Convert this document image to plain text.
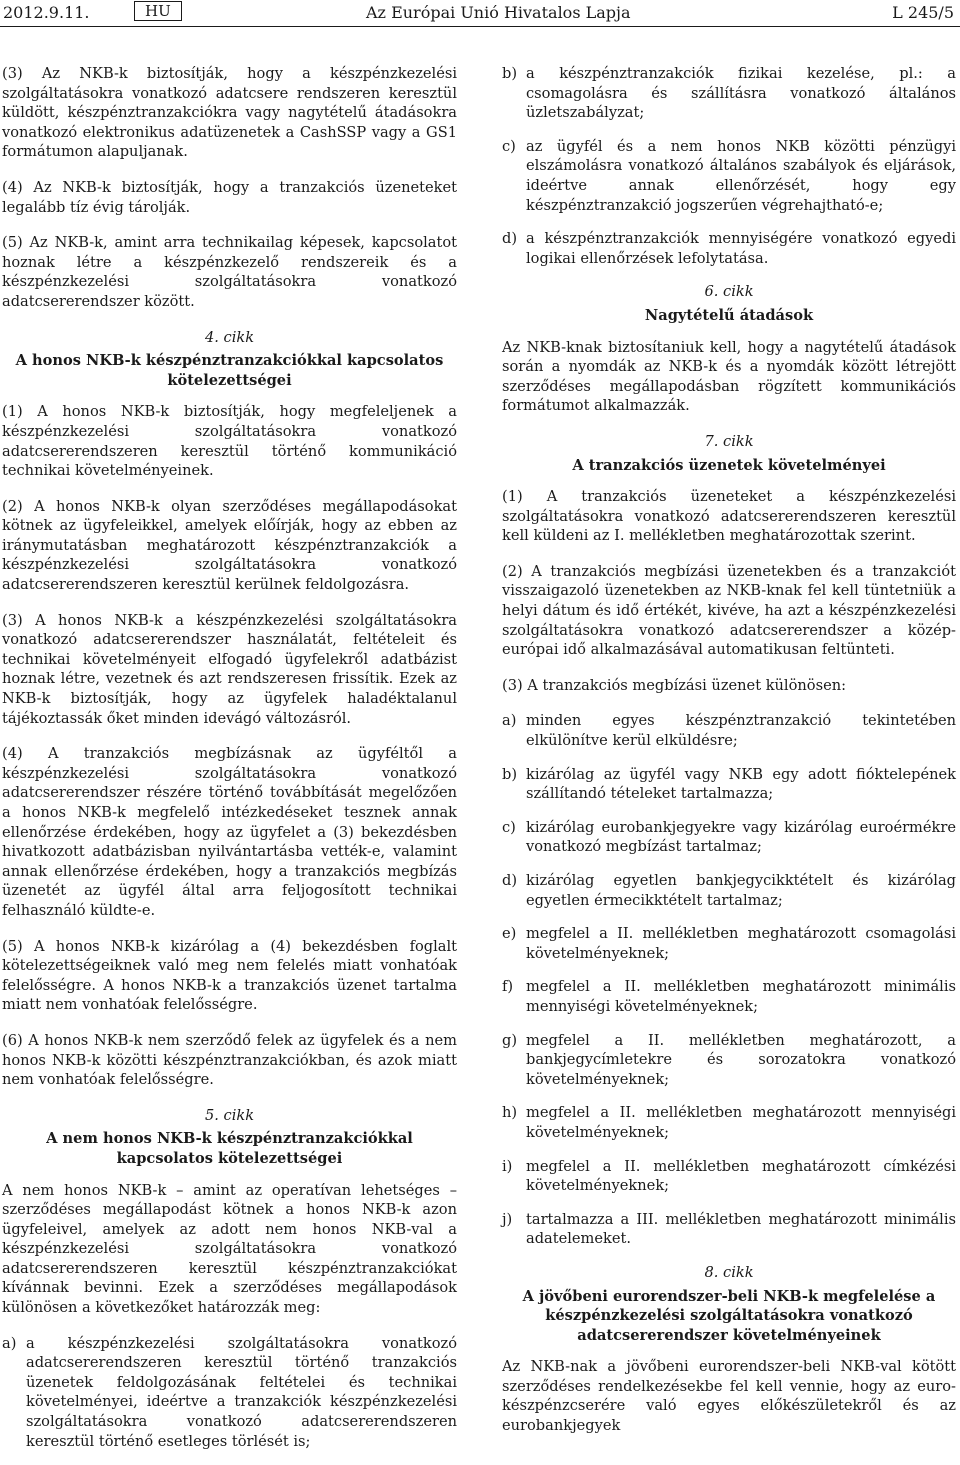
2012.9.11.	HU	Az Európai Unió Hivatalos Lapja	L 245/5

(3) Az NKB-k biztosítják, hogy a készpénzkezelési szolgáltatásokra vonatkozó adatcsere rendszeren keresztül küldött, készpénztranzakciókra vagy nagytételű átadásokra vonatkozó elektronikus adatüzenetek a CashSSP vagy a GS1 formátumon alapuljanak.

(4) Az NKB-k biztosítják, hogy a tranzakciós üzeneteket legalább tíz évig tárolják.

(5) Az NKB-k, amint arra technikailag képesek, kapcsolatot hoznak létre a készpénzkezelő rendszereik és a készpénzkezelési szolgáltatásokra vonatkozó adatcsererendszer között.

4. cikk
A honos NKB-k készpénztranzakciókkal kapcsolatos kötelezettségei

(1) A honos NKB-k biztosítják, hogy megfeleljenek a készpénzkezelési szolgáltatásokra vonatkozó adatcsererendszeren keresztül történő kommunikáció technikai követelményeinek.

(2) A honos NKB-k olyan szerződéses megállapodásokat kötnek az ügyfeleikkel, amelyek előírják, hogy az ebben az iránymutatásban meghatározott készpénztranzakciók a készpénzkezelési szolgáltatásokra vonatkozó adatcsererendszeren keresztül kerülnek feldolgozásra.

(3) A honos NKB-k a készpénzkezelési szolgáltatásokra vonatkozó adatcsererendszer használatát, feltételeit és technikai követelményeit elfogadó ügyfelekről adatbázist hoznak létre, vezetnek és azt rendszeresen frissítik. Ezek az NKB-k biztosítják, hogy az ügyfelek haladéktalanul tájékoztassák őket minden idevágó változásról.

(4) A tranzakciós megbízásnak az ügyféltől a készpénzkezelési szolgáltatásokra vonatkozó adatcsererendszer részére történő továbbítását megelőzően a honos NKB-k megfelelő intézkedéseket tesznek annak ellenőrzése érdekében, hogy az ügyfelet a (3) bekezdésben hivatkozott adatbázisban nyilvántartásba vették-e, valamint annak ellenőrzése érdekében, hogy a tranzakciós megbízás üzenetét az ügyfél által arra feljogosított technikai felhasználó küldte-e.

(5) A honos NKB-k kizárólag a (4) bekezdésben foglalt kötelezettségeiknek való meg nem felelés miatt vonhatóak felelősségre. A honos NKB-k a tranzakciós üzenet tartalma miatt nem vonhatóak felelősségre.

(6) A honos NKB-k nem szerződő felek az ügyfelek és a nem honos NKB-k közötti készpénztranzakciókban, és azok miatt nem vonhatóak felelősségre.

5. cikk
A nem honos NKB-k készpénztranzakciókkal kapcsolatos kötelezettségei

A nem honos NKB-k – amint az operatívan lehetséges – szerződéses megállapodást kötnek a honos NKB-k azon ügyfeleivel, amelyek az adott nem honos NKB-val a készpénzkezelési szolgáltatásokra vonatkozó adatcsererendszeren keresztül készpénztranzakciókat kívánnak bevinni. Ezek a szerződéses megállapodások különösen a következőket határozzák meg:

a) a készpénzkezelési szolgáltatásokra vonatkozó adatcsererendszeren keresztül történő tranzakciós üzenetek feldolgozásának feltételei és technikai követelményei, ideértve a tranzakciók készpénzkezelési szolgáltatásokra vonatkozó adatcsererendszeren keresztül történő esetleges törlését is;
b) a készpénztranzakciók fizikai kezelése, pl.: a csomagolásra és szállításra vonatkozó általános üzletszabályzat;
c) az ügyfél és a nem honos NKB közötti pénzügyi elszámolásra vonatkozó általános szabályok és eljárások, ideértve annak ellenőrzését, hogy egy készpénztranzakció jogszerűen végrehajtható-e;
d) a készpénztranzakciók mennyiségére vonatkozó egyedi logikai ellenőrzések lefolytatása.
6. cikk
Nagytételű átadások

Az NKB-knak biztosítaniuk kell, hogy a nagytételű átadások során a nyomdák az NKB-k és a nyomdák között létrejött szerződéses megállapodásban rögzített kommunikációs formátumot alkalmazzák.

7. cikk
A tranzakciós üzenetek követelményei

(1) A tranzakciós üzeneteket a készpénzkezelési szolgáltatásokra vonatkozó adatcsererendszeren keresztül kell küldeni az I. mellékletben meghatározottak szerint.

(2) A tranzakciós megbízási üzenetekben és a tranzakciót visszaigazoló üzenetekben az NKB-knak fel kell tüntetniük a helyi dátum és idő értékét, kivéve, ha azt a készpénzkezelési szolgáltatásokra vonatkozó adatcsererendszer a közép-európai idő alkalmazásával automatikusan feltünteti.

(3) A tranzakciós megbízási üzenet különösen:

a) minden egyes készpénztranzakció tekintetében elkülönítve kerül elküldésre;
b) kizárólag az ügyfél vagy NKB egy adott fióktelepének szállítandó tételeket tartalmazza;
c) kizárólag eurobankjegyekre vagy kizárólag euroérmékre vonatkozó megbízást tartalmaz;
d) kizárólag egyetlen bankjegycikktételt és kizárólag egyetlen érmecikktételt tartalmaz;
e) megfelel a II. mellékletben meghatározott csomagolási követelményeknek;
f) megfelel a II. mellékletben meghatározott minimális mennyiségi követelményeknek;
g) megfelel a II. mellékletben meghatározott, a bankjegycímletekre és sorozatokra vonatkozó követelményeknek;
h) megfelel a II. mellékletben meghatározott mennyiségi követelményeknek;
i) megfelel a II. mellékletben meghatározott címkézési követelményeknek;
j) tartalmazza a III. mellékletben meghatározott minimális adatelemeket.
8. cikk
A jövőbeni eurorendszer-beli NKB-k megfelelése a készpénzkezelési szolgáltatásokra vonatkozó adatcsererendszer követelményeinek

Az NKB-nak a jövőbeni eurorendszer-beli NKB-val kötött szerződéses rendelkezésekbe fel kell vennie, hogy az euro-készpénzcserére való egyes előkészületekről és az eurobankjegyek
